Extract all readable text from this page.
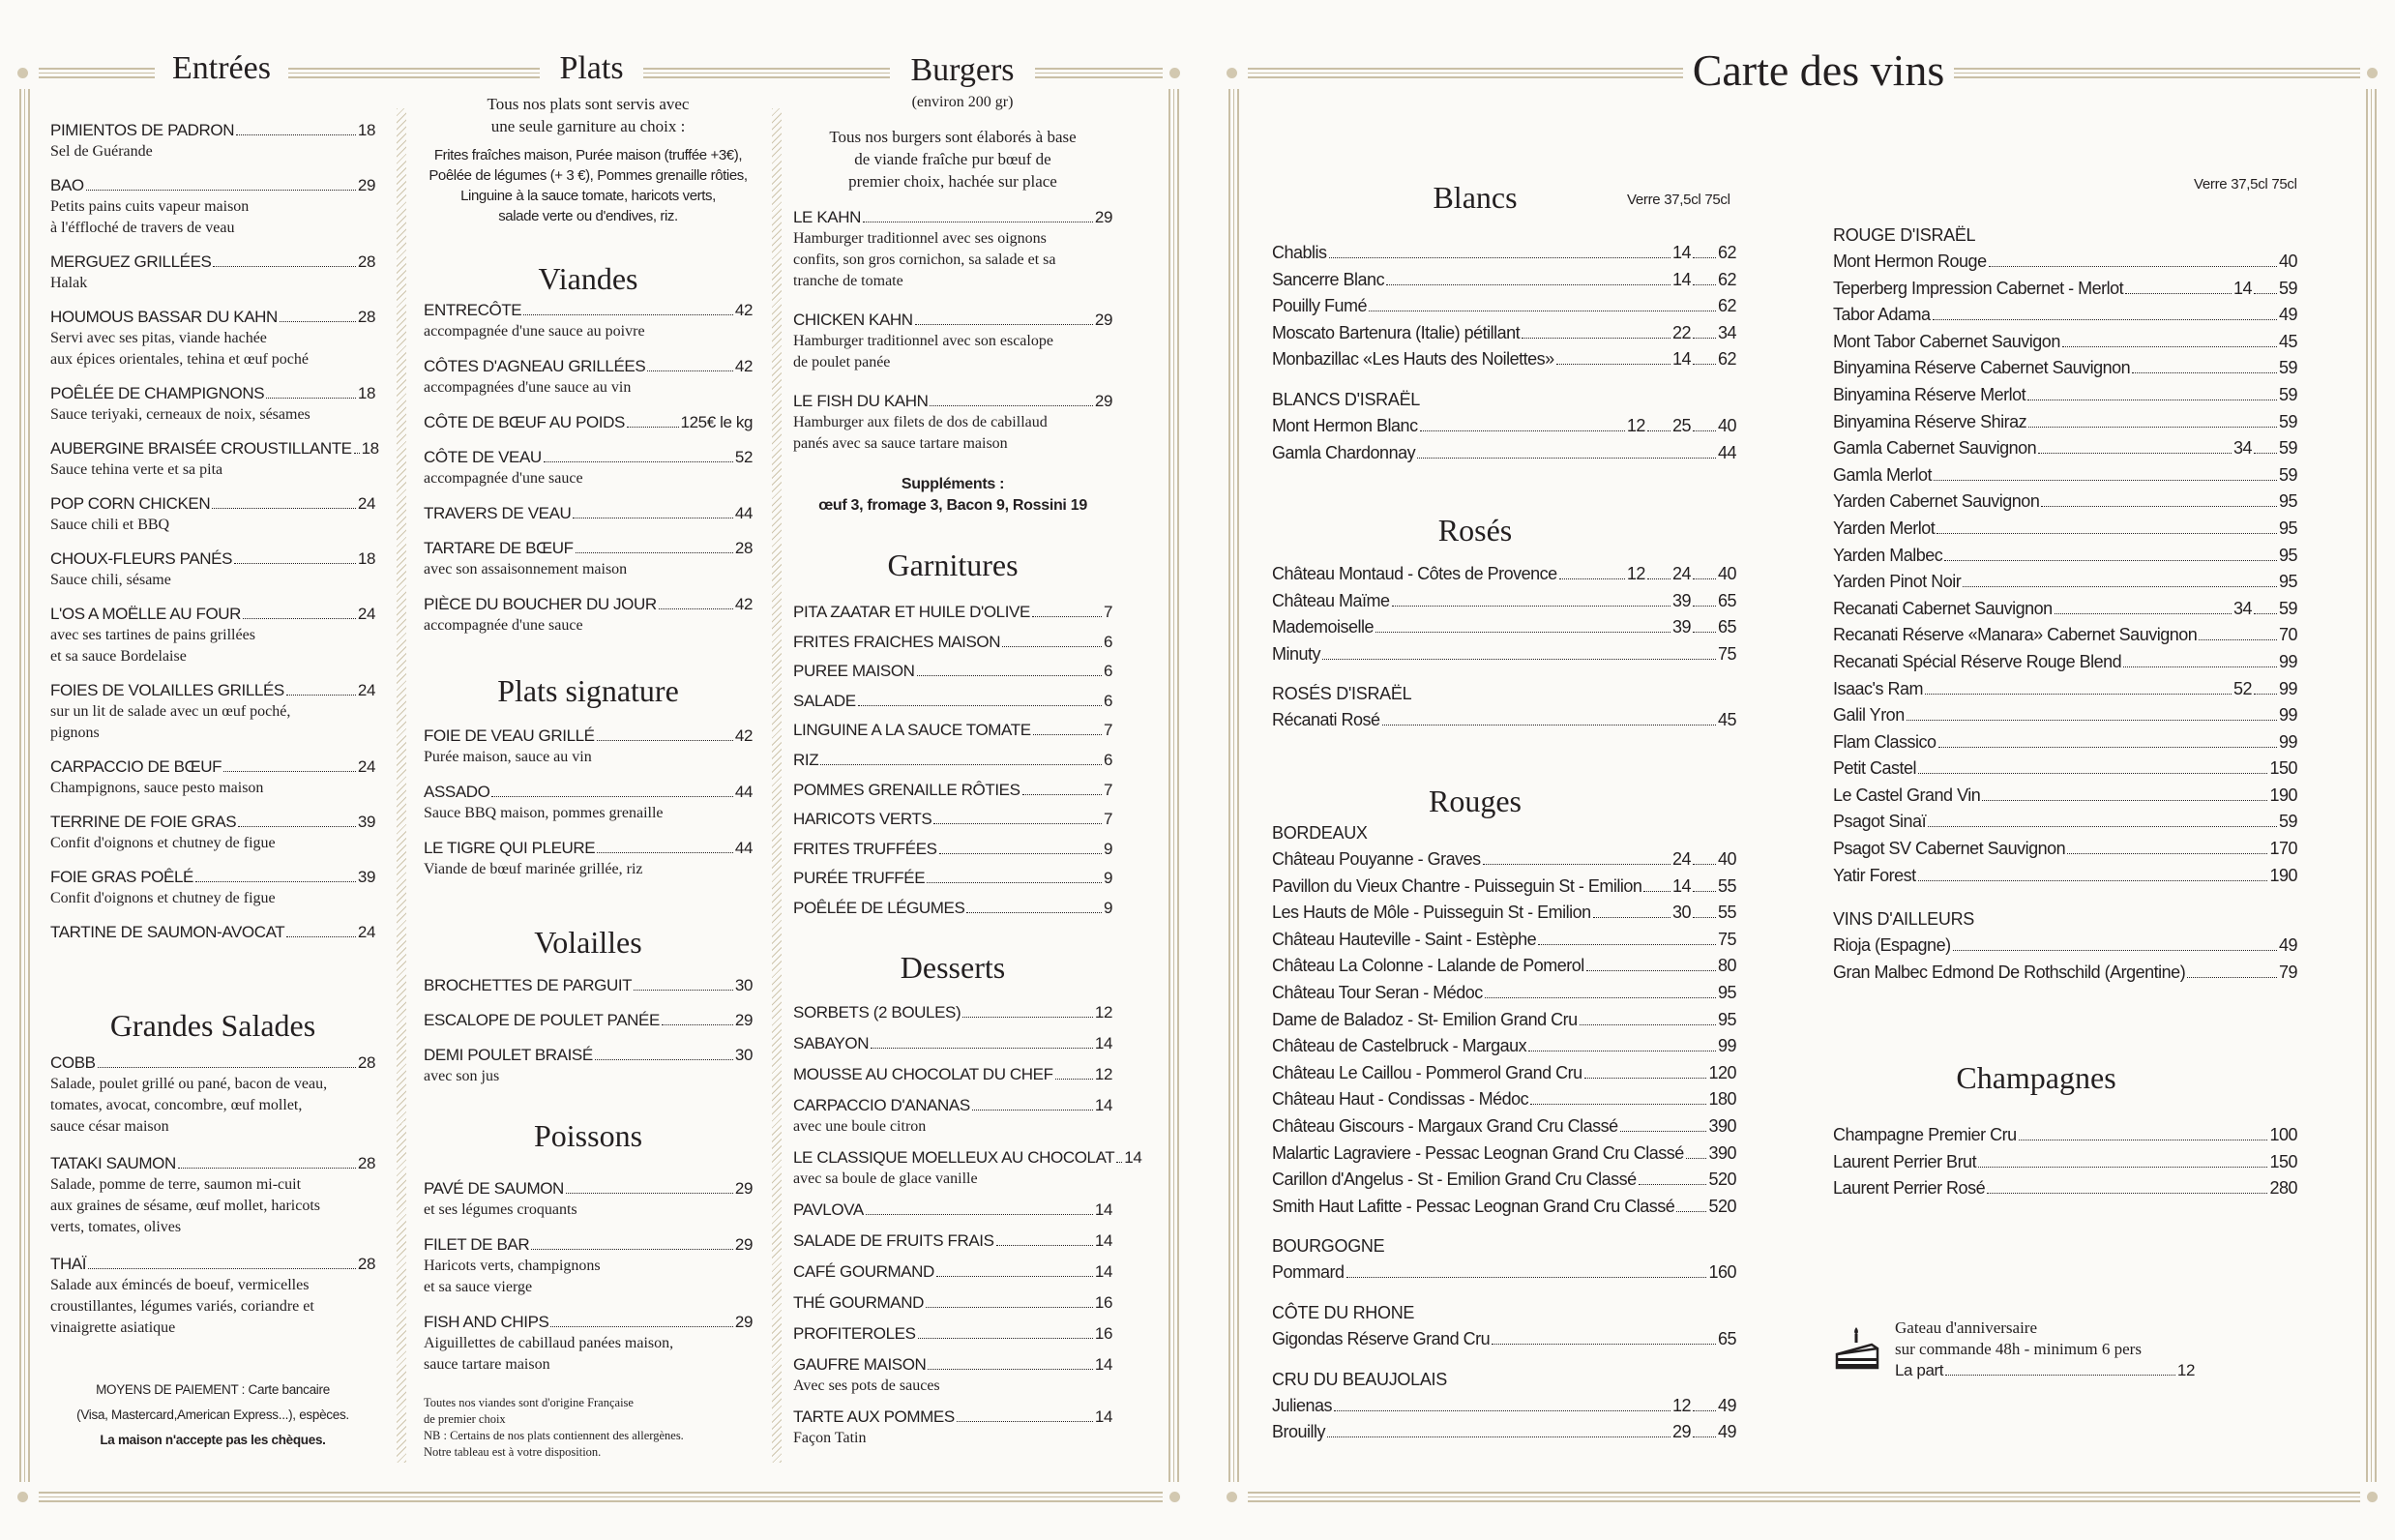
Entrées	Plats	Burgers
(environ 200 gr)
PIMIENTOS DE PADRON	18
Sel de Guérande
BAO	29
Petits pains cuits vapeur maison
à l'éffloché de travers de veau
MERGUEZ GRILLÉES	28
Halak
HOUMOUS BASSAR DU KAHN	28
Servi avec ses pitas, viande hachée
aux épices orientales, tehina et œuf poché
POÊLÉE DE CHAMPIGNONS	18
Sauce teriyaki, cerneaux de noix, sésames
AUBERGINE BRAISÉE CROUSTILLANTE 18
Sauce tehina verte et sa pita
POP CORN CHICKEN	24
Sauce chili et BBQ
CHOUX-FLEURS PANÉS	18
Sauce chili, sésame
L'OS A MOËLLE AU FOUR	24
avec ses tartines de pains grillées
et sa sauce Bordelaise
FOIES DE VOLAILLES GRILLÉS	24
sur un lit de salade avec un œuf poché,
pignons
CARPACCIO DE BŒUF	24
Champignons, sauce pesto maison
TERRINE DE FOIE GRAS	39
Confit d'oignons et chutney de figue
FOIE GRAS POÊLÉ	39
Confit d'oignons et chutney de figue
TARTINE DE SAUMON-AVOCAT	24
Grandes Salades
COBB	28
Salade, poulet grillé ou pané, bacon de veau,
tomates, avocat, concombre, œuf mollet,
sauce césar maison
TATAKI SAUMON	28
Salade, pomme de terre, saumon mi-cuit
aux graines de sésame, œuf mollet, haricots
verts, tomates, olives
THAÏ	28
Salade aux émincés de boeuf, vermicelles
croustillantes, légumes variés, coriandre et
vinaigrette asiatique
MOYENS DE PAIEMENT : Carte bancaire
(Visa, Mastercard,American Express...), espèces.
La maison n'accepte pas les chèques.
Tous nos plats sont servis avec
une seule garniture au choix :
Frites fraîches maison, Purée maison (truffée +3€),
Poêlée de légumes (+ 3 €), Pommes grenaille rôties,
Linguine à la sauce tomate, haricots verts,
salade verte ou d'endives, riz.
Viandes
ENTRECÔTE	42
accompagnée d'une sauce au poivre
CÔTES D'AGNEAU GRILLÉES	42
accompagnées d'une sauce au vin
CÔTE DE BŒUF AU POIDS	125€ le kg
CÔTE DE VEAU	52
accompagnée d'une sauce
TRAVERS DE VEAU	44
TARTARE DE BŒUF	28
avec son assaisonnement maison
PIÈCE DU BOUCHER DU JOUR	42
accompagnée d'une sauce
Plats signature
FOIE DE VEAU GRILLÉ	42
Purée maison, sauce au vin
ASSADO	44
Sauce BBQ maison, pommes grenaille
LE TIGRE QUI PLEURE	44
Viande de bœuf marinée grillée, riz
Volailles
BROCHETTES DE PARGUIT	30
ESCALOPE DE POULET PANÉE	29
DEMI POULET BRAISÉ	30
avec son jus
Poissons
PAVÉ DE SAUMON	29
et ses légumes croquants
FILET DE BAR	29
Haricots verts, champignons
et sa sauce vierge
FISH AND CHIPS	29
Aiguillettes de cabillaud panées maison,
sauce tartare maison
Toutes nos viandes sont d'origine Française
de premier choix
NB : Certains de nos plats contiennent des allergènes.
Notre tableau est à votre disposition.
Tous nos burgers sont élaborés à base
de viande fraîche pur bœuf de
premier choix, hachée sur place
LE KAHN	29
Hamburger traditionnel avec ses oignons
confits, son gros cornichon, sa salade et sa
tranche de tomate
CHICKEN KAHN	29
Hamburger traditionnel avec son escalope
de poulet panée
LE FISH DU KAHN	29
Hamburger aux filets de dos de cabillaud
panés avec sa sauce tartare maison
Suppléments :
œuf 3, fromage 3, Bacon 9, Rossini 19
Garnitures
PITA ZAATAR ET HUILE D'OLIVE	7
FRITES FRAICHES MAISON	6
PUREE MAISON	6
SALADE	6
LINGUINE A LA SAUCE TOMATE	7
RIZ	6
POMMES GRENAILLE RÔTIES	7
HARICOTS VERTS	7
FRITES TRUFFÉES	9
PURÉE TRUFFÉE	9
POÊLÉE DE LÉGUMES	9
Desserts
SORBETS (2 BOULES)	12
SABAYON	14
MOUSSE AU CHOCOLAT DU CHEF	12
CARPACCIO D'ANANAS	14
avec une boule citron
LE CLASSIQUE MOELLEUX AU CHOCOLAT 14
avec sa boule de glace vanille
PAVLOVA	14
SALADE DE FRUITS FRAIS	14
CAFÉ GOURMAND	14
THÉ GOURMAND	16
PROFITEROLES	16
GAUFRE MAISON	14
Avec ses pots de sauces
TARTE AUX POMMES	14
Façon Tatin
Carte des vins
Blancs	Verre 37,5cl 75cl
Chablis	14 62
Sancerre Blanc	14 62
Pouilly Fumé	62
Moscato Bartenura (Italie) pétillant	22 34
Monbazillac «Les Hauts des Noilettes»	14 62
BLANCS D'ISRAËL
Mont Hermon Blanc	12 25 40
Gamla Chardonnay	44
Rosés
Château Montaud - Côtes de Provence	12 24 40
Château Maïme	39 65
Mademoiselle	39 65
Minuty	75
ROSÉS D'ISRAËL
Récanati Rosé	45
Rouges
BORDEAUX
Château Pouyanne - Graves	24 40
Pavillon du Vieux Chantre - Puisseguin St - Emilion 14 55
Les Hauts de Môle - Puisseguin St - Emilion	30 55
Château Hauteville - Saint - Estèphe	75
Château La Colonne - Lalande de Pomerol	80
Château Tour Seran - Médoc	95
Dame de Baladoz - St- Emilion Grand Cru	95
Château de Castelbruck - Margaux	99
Château Le Caillou - Pommerol Grand Cru	120
Château Haut - Condissas - Médoc	180
Château Giscours - Margaux Grand Cru Classé	390
Malartic Lagraviere - Pessac Leognan Grand Cru Classé 390
Carillon d'Angelus - St - Emilion Grand Cru Classé	520
Smith Haut Lafitte - Pessac Leognan Grand Cru Classé 520
BOURGOGNE
Pommard	160
CÔTE DU RHONE
Gigondas Réserve Grand Cru	65
CRU DU BEAUJOLAIS
Julienas	12 49
Brouilly	29 49
Verre 37,5cl 75cl
ROUGE D'ISRAËL
Mont Hermon Rouge	40
Teperberg Impression Cabernet - Merlot	14 59
Tabor Adama	49
Mont Tabor Cabernet Sauvigon	45
Binyamina Réserve Cabernet Sauvignon	59
Binyamina Réserve Merlot	59
Binyamina Réserve Shiraz	59
Gamla Cabernet Sauvignon	34 59
Gamla Merlot	59
Yarden Cabernet Sauvignon	95
Yarden Merlot	95
Yarden Malbec	95
Yarden Pinot Noir	95
Recanati Cabernet Sauvignon	34 59
Recanati Réserve «Manara» Cabernet Sauvignon	70
Recanati Spécial Réserve Rouge Blend	99
Isaac's Ram	52 99
Galil Yron	99
Flam Classico	99
Petit Castel	150
Le Castel Grand Vin	190
Psagot Sinaï	59
Psagot SV Cabernet Sauvignon	170
Yatir Forest	190
VINS D'AILLEURS
Rioja (Espagne)	49
Gran Malbec Edmond De Rothschild (Argentine)	79
Champagnes
Champagne Premier Cru	100
Laurent Perrier Brut	150
Laurent Perrier Rosé	280
Gateau d'anniversaire
sur commande 48h - minimum 6 pers
La part	12
